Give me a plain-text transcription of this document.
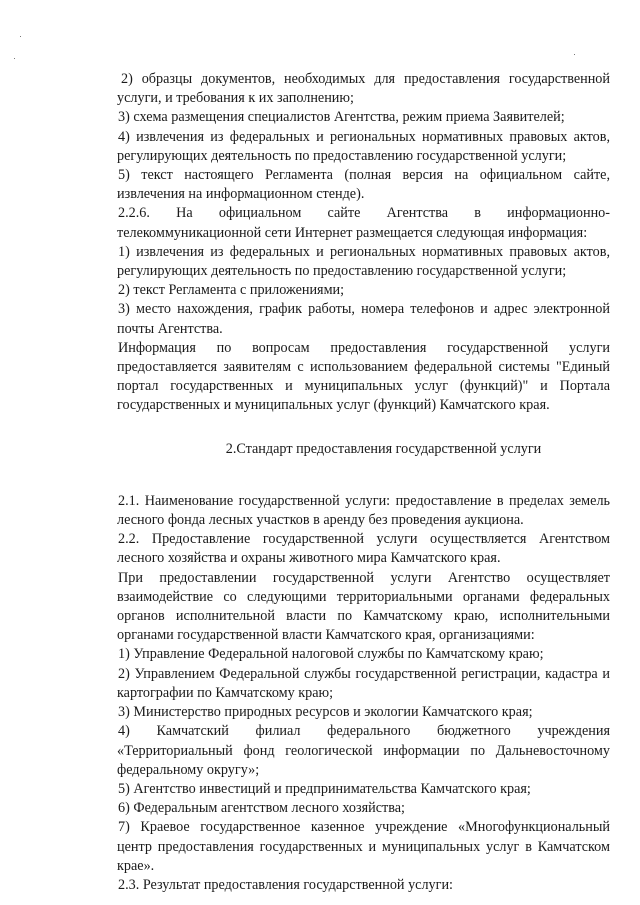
2) образцы документов, необходимых для предоставления государственной услуги, и требования к их заполнению;

3) схема размещения специалистов Агентства, режим приема Заявителей;

4) извлечения из федеральных и региональных нормативных правовых актов, регулирующих деятельность по предоставлению государственной услуги;

5) текст настоящего Регламента (полная версия на официальном сайте, извлечения на информационном стенде).

2.2.6. На официальном сайте Агентства в информационно-телекоммуникационной сети Интернет размещается следующая информация:

1) извлечения из федеральных и региональных нормативных правовых актов, регулирующих деятельность по предоставлению государственной услуги;

2) текст Регламента с приложениями;

3) место нахождения, график работы, номера телефонов и адрес электронной почты Агентства.

Информация по вопросам предоставления государственной услуги предоставляется заявителям с использованием федеральной системы "Единый портал государственных и муниципальных услуг (функций)" и Портала государственных и муниципальных услуг (функций) Камчатского края.

2.Стандарт предоставления государственной услуги

2.1. Наименование государственной услуги: предоставление в пределах земель лесного фонда лесных участков в аренду без проведения аукциона.

2.2. Предоставление государственной услуги осуществляется Агентством лесного хозяйства и охраны животного мира Камчатского края.

При предоставлении государственной услуги Агентство осуществляет взаимодействие со следующими территориальными органами федеральных органов исполнительной власти по Камчатскому краю, исполнительными органами государственной власти Камчатского края, организациями:

1) Управление Федеральной налоговой службы по Камчатскому краю;

2) Управлением Федеральной службы государственной регистрации, кадастра и картографии по Камчатскому краю;

3) Министерство природных ресурсов и экологии Камчатского края;

4) Камчатский филиал федерального бюджетного учреждения «Территориальный фонд геологической информации по Дальневосточному федеральному округу»;

5) Агентство инвестиций и предпринимательства Камчатского края;

6) Федеральным агентством лесного хозяйства;

7) Краевое государственное казенное учреждение «Многофункциональный центр предоставления государственных и муниципальных услуг в Камчатском крае».

2.3. Результат предоставления государственной услуги:
